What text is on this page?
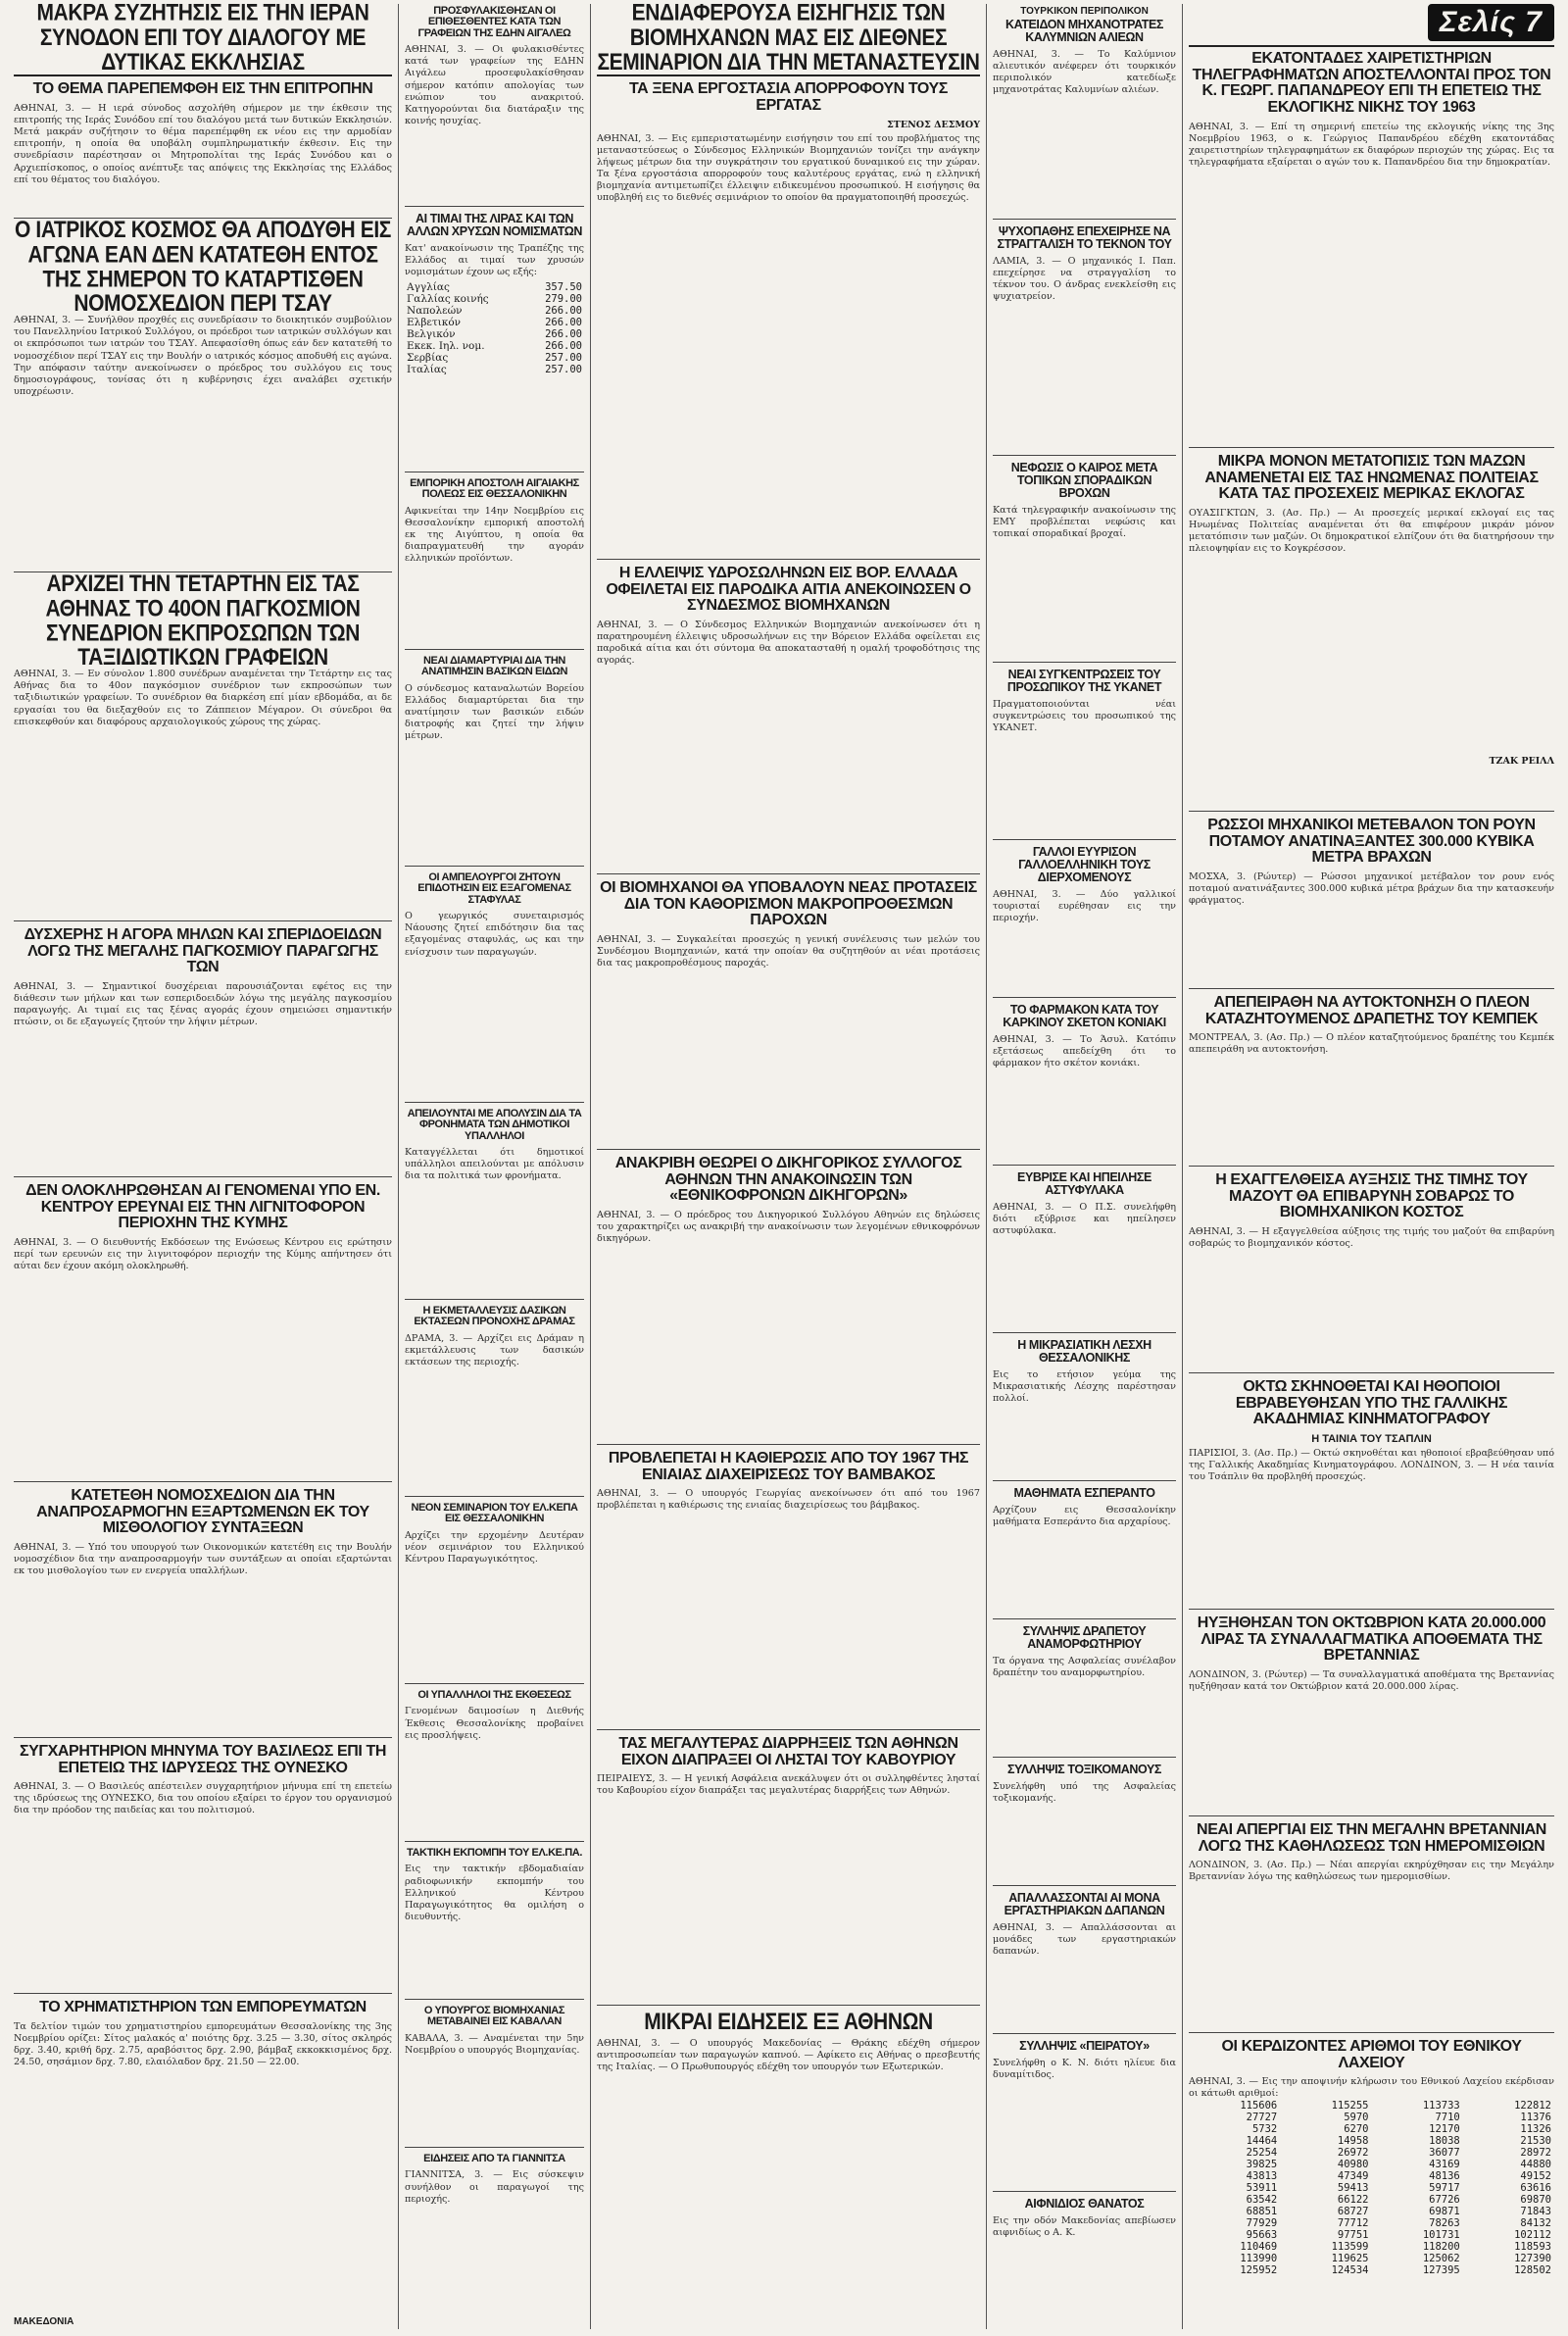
ΜΑΚΡΑ ΣΥΖΗΤΗΣΙΣ ΕΙΣ ΤΗΝ ΙΕΡΑΝ ΣΥΝΟΔΟΝ ΕΠΙ ΤΟΥ ΔΙΑΛΟΓΟΥ ΜΕ ΔΥΤΙΚΑΣ ΕΚΚΛΗΣΙΑΣ
ΤΟ ΘΕΜΑ ΠΑΡΕΠΕΜΦΘΗ ΕΙΣ ΤΗΝ ΕΠΙΤΡΟΠΗΝ
ΑΘΗΝΑΙ, 3. — Η ιερά σύνοδος ασχολήθη σήμερον με την έκθεσιν της επιτροπής της Ιεράς Συνόδου επί του διαλόγου μετά των δυτικών Εκκλησιών. Μετά μακράν συζήτησιν το θέμα παρεπέμφθη εκ νέου εις την αρμοδίαν επιτροπήν, η οποία θα υποβάλη συμπληρωματικήν έκθεσιν. Εις την συνεδρίασιν παρέστησαν οι Μητροπολίται της Ιεράς Συνόδου και ο Αρχιεπίσκοπος, ο οποίος ανέπτυξε τας απόψεις της Εκκλησίας της Ελλάδος επί του θέματος του διαλόγου.
Ο ΙΑΤΡΙΚΟΣ ΚΟΣΜΟΣ ΘΑ ΑΠΟΔΥΘΗ ΕΙΣ ΑΓΩΝΑ ΕΑΝ ΔΕΝ ΚΑΤΑΤΕΘΗ ΕΝΤΟΣ ΤΗΣ ΣΗΜΕΡΟΝ ΤΟ ΚΑΤΑΡΤΙΣΘΕΝ ΝΟΜΟΣΧΕΔΙΟΝ ΠΕΡΙ ΤΣΑΥ
ΑΘΗΝΑΙ, 3. — Συνήλθον προχθές εις συνεδρίασιν το διοικητικόν συμβούλιον του Πανελληνίου Ιατρικού Συλλόγου, οι πρόεδροι των ιατρικών συλλόγων και οι εκπρόσωποι των ιατρών του ΤΣΑΥ. Απεφασίσθη όπως εάν δεν κατατεθή το νομοσχέδιον περί ΤΣΑΥ εις την Βουλήν ο ιατρικός κόσμος αποδυθή εις αγώνα. Την απόφασιν ταύτην ανεκοίνωσεν ο πρόεδρος του συλλόγου εις τους δημοσιογράφους, τονίσας ότι η κυβέρνησις έχει αναλάβει σχετικήν υποχρέωσιν.
ΑΡΧΙΖΕΙ ΤΗΝ ΤΕΤΑΡΤΗΝ ΕΙΣ ΤΑΣ ΑΘΗΝΑΣ ΤΟ 40ΟΝ ΠΑΓΚΟΣΜΙΟΝ ΣΥΝΕΔΡΙΟΝ ΕΚΠΡΟΣΩΠΩΝ ΤΩΝ ΤΑΞΙΔΙΩΤΙΚΩΝ ΓΡΑΦΕΙΩΝ
ΑΘΗΝΑΙ, 3. — Εν σύνολον 1.800 συνέδρων αναμένεται την Τετάρτην εις τας Αθήνας δια το 40ον παγκόσμιον συνέδριον των εκπροσώπων των ταξιδιωτικών γραφείων. Το συνέδριον θα διαρκέση επί μίαν εβδομάδα, αι δε εργασίαι του θα διεξαχθούν εις το Ζάππειον Μέγαρον. Οι σύνεδροι θα επισκεφθούν και διαφόρους αρχαιολογικούς χώρους της χώρας.
ΔΥΣΧΕΡΗΣ Η ΑΓΟΡΑ ΜΗΛΩΝ ΚΑΙ ΣΠΕΡΙΔΟΕΙΔΩΝ ΛΟΓΩ ΤΗΣ ΜΕΓΑΛΗΣ ΠΑΓΚΟΣΜΙΟΥ ΠΑΡΑΓΩΓΗΣ ΤΩΝ
ΑΘΗΝΑΙ, 3. — Σημαντικοί δυσχέρειαι παρουσιάζονται εφέτος εις την διάθεσιν των μήλων και των εσπεριδοειδών λόγω της μεγάλης παγκοσμίου παραγωγής. Αι τιμαί εις τας ξένας αγοράς έχουν σημειώσει σημαντικήν πτώσιν, οι δε εξαγωγείς ζητούν την λήψιν μέτρων.
ΔΕΝ ΟΛΟΚΛΗΡΩΘΗΣΑΝ ΑΙ ΓΕΝΟΜΕΝΑΙ ΥΠΟ ΕΝ. ΚΕΝΤΡΟΥ ΕΡΕΥΝΑΙ ΕΙΣ ΤΗΝ ΛΙΓΝΙΤΟΦΟΡΟΝ ΠΕΡΙΟΧΗΝ ΤΗΣ ΚΥΜΗΣ
ΑΘΗΝΑΙ, 3. — Ο διευθυντής Εκδόσεων της Ενώσεως Κέντρου εις ερώτησιν περί των ερευνών εις την λιγνιτοφόρον περιοχήν της Κύμης απήντησεν ότι αύται δεν έχουν ακόμη ολοκληρωθή.
ΚΑΤΕΤΕΘΗ ΝΟΜΟΣΧΕΔΙΟΝ ΔΙΑ ΤΗΝ ΑΝΑΠΡΟΣΑΡΜΟΓΗΝ ΕΞΑΡΤΩΜΕΝΩΝ ΕΚ ΤΟΥ ΜΙΣΘΟΛΟΓΙΟΥ ΣΥΝΤΑΞΕΩΝ
ΑΘΗΝΑΙ, 3. — Υπό του υπουργού των Οικονομικών κατετέθη εις την Βουλήν νομοσχέδιον δια την αναπροσαρμογήν των συντάξεων αι οποίαι εξαρτώνται εκ του μισθολογίου των εν ενεργεία υπαλλήλων.
ΣΥΓΧΑΡΗΤΗΡΙΟΝ ΜΗΝΥΜΑ ΤΟΥ ΒΑΣΙΛΕΩΣ ΕΠΙ ΤΗ ΕΠΕΤΕΙΩ ΤΗΣ ΙΔΡΥΣΕΩΣ ΤΗΣ ΟΥΝΕΣΚΟ
ΑΘΗΝΑΙ, 3. — Ο Βασιλεύς απέστειλεν συγχαρητήριον μήνυμα επί τη επετείω της ιδρύσεως της ΟΥΝΕΣΚΟ, δια του οποίου εξαίρει το έργον του οργανισμού δια την πρόοδον της παιδείας και του πολιτισμού.
ΤΟ ΧΡΗΜΑΤΙΣΤΗΡΙΟΝ ΤΩΝ ΕΜΠΟΡΕΥΜΑΤΩΝ
Τα δελτίον τιμών του χρηματιστηρίου εμπορευμάτων Θεσσαλονίκης της 3ης Νοεμβρίου ορίζει: Σίτος μαλακός α' ποιότης δρχ. 3.25 — 3.30, σίτος σκληρός δρχ. 3.40, κριθή δρχ. 2.75, αραβόσιτος δρχ. 2.90, βάμβαξ εκκοκκισμένος δρχ. 24.50, σησάμιον δρχ. 7.80, ελαιόλαδον δρχ. 21.50 — 22.00.
ΠΡΟΣΦΥΛΑΚΙΣΘΗΣΑΝ ΟΙ ΕΠΙΘΕΣΘΕΝΤΕΣ ΚΑΤΑ ΤΩΝ ΓΡΑΦΕΙΩΝ ΤΗΣ ΕΔΗΝ ΑΙΓΑΛΕΩ
ΑΘΗΝΑΙ, 3. — Οι φυλακισθέντες κατά των γραφείων της ΕΔΗΝ Αιγάλεω προσεφυλακίσθησαν σήμερον κατόπιν απολογίας των ενώπιον του ανακριτού. Κατηγορούνται δια διατάραξιν της κοινής ησυχίας.
ΑΙ ΤΙΜΑΙ ΤΗΣ ΛΙΡΑΣ ΚΑΙ ΤΩΝ ΑΛΛΩΝ ΧΡΥΣΩΝ ΝΟΜΙΣΜΑΤΩΝ
Κατ' ανακοίνωσιν της Τραπέζης της Ελλάδος αι τιμαί των χρυσών νομισμάτων έχουν ως εξής:
Αγγλίας	357.50
Γαλλίας κοινής	279.00
Ναπολεών	266.00
Ελβετικόν	266.00
Βελγικόν	266.00
Εκεκ. Ιηλ. νομ.	266.00
Σερβίας	257.00
Ιταλίας	257.00
ΕΜΠΟΡΙΚΗ ΑΠΟΣΤΟΛΗ ΑΙΓΑΙΑΚΗΣ ΠΟΛΕΩΣ ΕΙΣ ΘΕΣΣΑΛΟΝΙΚΗΝ
Αφικνείται την 14ην Νοεμβρίου εις Θεσσαλονίκην εμπορική αποστολή εκ της Αιγύπτου, η οποία θα διαπραγματευθή την αγοράν ελληνικών προϊόντων.
ΝΕΑΙ ΔΙΑΜΑΡΤΥΡΙΑΙ ΔΙΑ ΤΗΝ ΑΝΑΤΙΜΗΣΙΝ ΒΑΣΙΚΩΝ ΕΙΔΩΝ
Ο σύνδεσμος καταναλωτών Βορείου Ελλάδος διαμαρτύρεται δια την ανατίμησιν των βασικών ειδών διατροφής και ζητεί την λήψιν μέτρων.
ΟΙ ΑΜΠΕΛΟΥΡΓΟΙ ΖΗΤΟΥΝ ΕΠΙΔΟΤΗΣΙΝ ΕΙΣ ΕΞΑΓΟΜΕΝΑΣ ΣΤΑΦΥΛΑΣ
Ο γεωργικός συνεταιρισμός Νάουσης ζητεί επιδότησιν δια τας εξαγομένας σταφυλάς, ως και την ενίσχυσιν των παραγωγών.
ΑΠΕΙΛΟΥΝΤΑΙ ΜΕ ΑΠΟΛΥΣΙΝ ΔΙΑ ΤΑ ΦΡΟΝΗΜΑΤΑ ΤΩΝ ΔΗΜΟΤΙΚΟΙ ΥΠΑΛΛΗΛΟΙ
Καταγγέλλεται ότι δημοτικοί υπάλληλοι απειλούνται με απόλυσιν δια τα πολιτικά των φρονήματα.
Η ΕΚΜΕΤΑΛΛΕΥΣΙΣ ΔΑΣΙΚΩΝ ΕΚΤΑΣΕΩΝ ΠΡΟΝΟΧΗΣ ΔΡΑΜΑΣ
ΔΡΑΜΑ, 3. — Αρχίζει εις Δράμαν η εκμετάλλευσις των δασικών εκτάσεων της περιοχής.
ΝΕΟΝ ΣΕΜΙΝΑΡΙΟΝ ΤΟΥ ΕΛ.ΚΕΠΑ ΕΙΣ ΘΕΣΣΑΛΟΝΙΚΗΝ
Αρχίζει την ερχομένην Δευτέραν νέον σεμινάριον του Ελληνικού Κέντρου Παραγωγικότητος.
ΟΙ ΥΠΑΛΛΗΛΟΙ ΤΗΣ ΕΚΘΕΣΕΩΣ
Γενομένων δαιμοσίων η Διεθνής Έκθεσις Θεσσαλονίκης προβαίνει εις προσλήψεις.
ΤΑΚΤΙΚΗ ΕΚΠΟΜΠΗ ΤΟΥ ΕΛ.ΚΕ.ΠΑ.
Εις την τακτικήν εβδομαδιαίαν ραδιοφωνικήν εκπομπήν του Ελληνικού Κέντρου Παραγωγικότητος θα ομιλήση ο διευθυντής.
Ο ΥΠΟΥΡΓΟΣ ΒΙΟΜΗΧΑΝΙΑΣ ΜΕΤΑΒΑΙΝΕΙ ΕΙΣ ΚΑΒΑΛΑΝ
ΚΑΒΑΛΑ, 3. — Αναμένεται την 5ην Νοεμβρίου ο υπουργός Βιομηχανίας.
ΕΙΔΗΣΕΙΣ ΑΠΟ ΤΑ ΓΙΑΝΝΙΤΣΑ
ΓΙΑΝΝΙΤΣΑ, 3. — Εις σύσκεψιν συνήλθον οι παραγωγοί της περιοχής.
ΕΝΔΙΑΦΕΡΟΥΣΑ ΕΙΣΗΓΗΣΙΣ ΤΩΝ ΒΙΟΜΗΧΑΝΩΝ ΜΑΣ ΕΙΣ ΔΙΕΘΝΕΣ ΣΕΜΙΝΑΡΙΟΝ ΔΙΑ ΤΗΝ ΜΕΤΑΝΑΣΤΕΥΣΙΝ
ΤΑ ΞΕΝΑ ΕΡΓΟΣΤΑΣΙΑ ΑΠΟΡΡΟΦΟΥΝ ΤΟΥΣ ΕΡΓΑΤΑΣ
ΣΤΕΝΟΣ ΔΕΣΜΟΥ
ΑΘΗΝΑΙ, 3. — Εις εμπεριστατωμένην εισήγησιν του επί του προβλήματος της μεταναστεύσεως ο Σύνδεσμος Ελληνικών Βιομηχανιών τονίζει την ανάγκην λήψεως μέτρων δια την συγκράτησιν του εργατικού δυναμικού εις την χώραν. Τα ξένα εργοστάσια απορροφούν τους καλυτέρους εργάτας, ενώ η ελληνική βιομηχανία αντιμετωπίζει έλλειψιν ειδικευμένου προσωπικού. Η εισήγησις θα υποβληθή εις το διεθνές σεμινάριον το οποίον θα πραγματοποιηθή προσεχώς.
Η ΕΛΛΕΙΨΙΣ ΥΔΡΟΣΩΛΗΝΩΝ ΕΙΣ ΒΟΡ. ΕΛΛΑΔΑ ΟΦΕΙΛΕΤΑΙ ΕΙΣ ΠΑΡΟΔΙΚΑ ΑΙΤΙΑ ΑΝΕΚΟΙΝΩΣΕΝ Ο ΣΥΝΔΕΣΜΟΣ ΒΙΟΜΗΧΑΝΩΝ
ΑΘΗΝΑΙ, 3. — Ο Σύνδεσμος Ελληνικών Βιομηχανιών ανεκοίνωσεν ότι η παρατηρουμένη έλλειψις υδροσωλήνων εις την Βόρειον Ελλάδα οφείλεται εις παροδικά αίτια και ότι σύντομα θα αποκατασταθή η ομαλή τροφοδότησις της αγοράς.
ΟΙ ΒΙΟΜΗΧΑΝΟΙ ΘΑ ΥΠΟΒΑΛΟΥΝ ΝΕΑΣ ΠΡΟΤΑΣΕΙΣ ΔΙΑ ΤΟΝ ΚΑΘΟΡΙΣΜΟΝ ΜΑΚΡΟΠΡΟΘΕΣΜΩΝ ΠΑΡΟΧΩΝ
ΑΘΗΝΑΙ, 3. — Συγκαλείται προσεχώς η γενική συνέλευσις των μελών του Συνδέσμου Βιομηχανιών, κατά την οποίαν θα συζητηθούν αι νέαι προτάσεις δια τας μακροπροθέσμους παροχάς.
ΑΝΑΚΡΙΒΗ ΘΕΩΡΕΙ Ο ΔΙΚΗΓΟΡΙΚΟΣ ΣΥΛΛΟΓΟΣ ΑΘΗΝΩΝ ΤΗΝ ΑΝΑΚΟΙΝΩΣΙΝ ΤΩΝ «ΕΘΝΙΚΟΦΡΟΝΩΝ ΔΙΚΗΓΟΡΩΝ»
ΑΘΗΝΑΙ, 3. — Ο πρόεδρος του Δικηγορικού Συλλόγου Αθηνών εις δηλώσεις του χαρακτηρίζει ως ανακριβή την ανακοίνωσιν των λεγομένων εθνικοφρόνων δικηγόρων.
ΠΡΟΒΛΕΠΕΤΑΙ Η ΚΑΘΙΕΡΩΣΙΣ ΑΠΟ ΤΟΥ 1967 ΤΗΣ ΕΝΙΑΙΑΣ ΔΙΑΧΕΙΡΙΣΕΩΣ ΤΟΥ ΒΑΜΒΑΚΟΣ
ΑΘΗΝΑΙ, 3. — Ο υπουργός Γεωργίας ανεκοίνωσεν ότι από του 1967 προβλέπεται η καθιέρωσις της ενιαίας διαχειρίσεως του βάμβακος.
ΤΑΣ ΜΕΓΑΛΥΤΕΡΑΣ ΔΙΑΡΡΗΞΕΙΣ ΤΩΝ ΑΘΗΝΩΝ ΕΙΧΟΝ ΔΙΑΠΡΑΞΕΙ ΟΙ ΛΗΣΤΑΙ ΤΟΥ ΚΑΒΟΥΡΙΟΥ
ΠΕΙΡΑΙΕΥΣ, 3. — Η γενική Ασφάλεια ανεκάλυψεν ότι οι συλληφθέντες λησταί του Καβουρίου είχον διαπράξει τας μεγαλυτέρας διαρρήξεις των Αθηνών.
ΜΙΚΡΑΙ ΕΙΔΗΣΕΙΣ ΕΞ ΑΘΗΝΩΝ
ΑΘΗΝΑΙ, 3. — Ο υπουργός Μακεδονίας — Θράκης εδέχθη σήμερον αντιπροσωπείαν των παραγωγών καπνού. — Αφίκετο εις Αθήνας ο πρεσβευτής της Ιταλίας. — Ο Πρωθυπουργός εδέχθη τον υπουργόν των Εξωτερικών.
ΤΟΥΡΚΙΚΟΝ ΠΕΡΙΠΟΛΙΚΟΝ
ΚΑΤΕΙΔΟΝ ΜΗΧΑΝΟΤΡΑΤΕΣ ΚΑΛΥΜΝΙΩΝ ΑΛΙΕΩΝ
ΑΘΗΝΑΙ, 3. — Το Καλύμνιον αλιευτικόν ανέφερεν ότι τουρκικόν περιπολικόν κατεδίωξε μηχανοτράτας Καλυμνίων αλιέων.
ΨΥΧΟΠΑΘΗΣ ΕΠΕΧΕΙΡΗΣΕ ΝΑ ΣΤΡΑΓΓΑΛΙΣΗ ΤΟ ΤΕΚΝΟΝ ΤΟΥ
ΛΑΜΙΑ, 3. — Ο μηχανικός Ι. Παπ. επεχείρησε να στραγγαλίση το τέκνον του. Ο άνδρας ενεκλείσθη εις ψυχιατρείον.
ΝΕΦΩΣΙΣ Ο ΚΑΙΡΟΣ ΜΕΤΑ ΤΟΠΙΚΩΝ ΣΠΟΡΑΔΙΚΩΝ ΒΡΟΧΩΝ
Κατά τηλεγραφικήν ανακοίνωσιν της ΕΜΥ προβλέπεται νεφώσις και τοπικαί σποραδικαί βροχαί.
ΝΕΑΙ ΣΥΓΚΕΝΤΡΩΣΕΙΣ ΤΟΥ ΠΡΟΣΩΠΙΚΟΥ ΤΗΣ ΥΚΑΝΕΤ
Πραγματοποιούνται νέαι συγκεντρώσεις του προσωπικού της ΥΚΑΝΕΤ.
ΓΑΛΛΟΙ ΕΥΥΡΙΣΟΝ ΓΑΛΛΟΕΛΛΗΝΙΚΗ ΤΟΥΣ ΔΙΕΡΧΟΜΕΝΟΥΣ
ΑΘΗΝΑΙ, 3. — Δύο γαλλικοί τουρισταί ευρέθησαν εις την περιοχήν.
ΤΟ ΦΑΡΜΑΚΟΝ ΚΑΤΑ ΤΟΥ ΚΑΡΚΙΝΟΥ ΣΚΕΤΟΝ ΚΟΝΙΑΚΙ
ΑΘΗΝΑΙ, 3. — Το Άσυλ. Κατόπιν εξετάσεως απεδείχθη ότι το φάρμακον ήτο σκέτον κονιάκι.
ΕΥΒΡΙΣΕ ΚΑΙ ΗΠΕΙΛΗΣΕ ΑΣΤΥΦΥΛΑΚΑ
ΑΘΗΝΑΙ, 3. — Ο Π.Σ. συνελήφθη διότι εξύβρισε και ηπείλησεν αστυφύλακα.
Η ΜΙΚΡΑΣΙΑΤΙΚΗ ΛΕΣΧΗ ΘΕΣΣΑΛΟΝΙΚΗΣ
Εις το ετήσιον γεύμα της Μικρασιατικής Λέσχης παρέστησαν πολλοί.
ΜΑΘΗΜΑΤΑ ΕΣΠΕΡΑΝΤΟ
Αρχίζουν εις Θεσσαλονίκην μαθήματα Εσπεράντο δια αρχαρίους.
ΣΥΛΛΗΨΙΣ ΔΡΑΠΕΤΟΥ ΑΝΑΜΟΡΦΩΤΗΡΙΟΥ
Τα όργανα της Ασφαλείας συνέλαβον δραπέτην του αναμορφωτηρίου.
ΣΥΛΛΗΨΙΣ ΤΟΞΙΚΟΜΑΝΟΥΣ
Συνελήφθη υπό της Ασφαλείας τοξικομανής.
ΑΠΑΛΛΑΣΣΟΝΤΑΙ ΑΙ ΜΟΝΑ ΕΡΓΑΣΤΗΡΙΑΚΩΝ ΔΑΠΑΝΩΝ
ΑΘΗΝΑΙ, 3. — Απαλλάσσονται αι μονάδες των εργαστηριακών δαπανών.
ΣΥΛΛΗΨΙΣ «ΠΕΙΡΑΤΟΥ»
Συνελήφθη ο Κ. Ν. διότι ηλίευε δια δυναμίτιδος.
ΑΙΦΝΙΔΙΟΣ ΘΑΝΑΤΟΣ
Εις την οδόν Μακεδονίας απεβίωσεν αιφνιδίως ο Α. Κ.

Σελίς 7
ΕΚΑΤΟΝΤΑΔΕΣ ΧΑΙΡΕΤΙΣΤΗΡΙΩΝ ΤΗΛΕΓΡΑΦΗΜΑΤΩΝ ΑΠΟΣΤΕΛΛΟΝΤΑΙ ΠΡΟΣ ΤΟΝ Κ. ΓΕΩΡΓ. ΠΑΠΑΝΔΡΕΟΥ ΕΠΙ ΤΗ ΕΠΕΤΕΙΩ ΤΗΣ ΕΚΛΟΓΙΚΗΣ ΝΙΚΗΣ ΤΟΥ 1963
ΑΘΗΝΑΙ, 3. — Επί τη σημερινή επετείω της εκλογικής νίκης της 3ης Νοεμβρίου 1963, ο κ. Γεώργιος Παπανδρέου εδέχθη εκατοντάδας χαιρετιστηρίων τηλεγραφημάτων εκ διαφόρων περιοχών της χώρας. Εις τα τηλεγραφήματα εξαίρεται ο αγών του κ. Παπανδρέου δια την δημοκρατίαν.
ΜΙΚΡΑ ΜΟΝΟΝ ΜΕΤΑΤΟΠΙΣΙΣ ΤΩΝ ΜΑΖΩΝ ΑΝΑΜΕΝΕΤΑΙ ΕΙΣ ΤΑΣ ΗΝΩΜΕΝΑΣ ΠΟΛΙΤΕΙΑΣ ΚΑΤΑ ΤΑΣ ΠΡΟΣΕΧΕΙΣ ΜΕΡΙΚΑΣ ΕΚΛΟΓΑΣ
ΟΥΑΣΙΓΚΤΩΝ, 3. (Ασ. Πρ.) — Αι προσεχείς μερικαί εκλογαί εις τας Ηνωμένας Πολιτείας αναμένεται ότι θα επιφέρουν μικράν μόνον μετατόπισιν των μαζών. Οι δημοκρατικοί ελπίζουν ότι θα διατηρήσουν την πλειοψηφίαν εις το Κογκρέσσον.
ΤΖΑΚ ΡΕΙΛΛ
ΡΩΣΣΟΙ ΜΗΧΑΝΙΚΟΙ ΜΕΤΕΒΑΛΟΝ ΤΟΝ ΡΟΥΝ ΠΟΤΑΜΟΥ ΑΝΑΤΙΝΑΞΑΝΤΕΣ 300.000 ΚΥΒΙΚΑ ΜΕΤΡΑ ΒΡΑΧΩΝ
ΜΟΣΧΑ, 3. (Ρώυτερ) — Ρώσσοι μηχανικοί μετέβαλον τον ρουν ενός ποταμού ανατινάξαντες 300.000 κυβικά μέτρα βράχων δια την κατασκευήν φράγματος.
ΑΠΕΠΕΙΡΑΘΗ ΝΑ ΑΥΤΟΚΤΟΝΗΣΗ Ο ΠΛΕΟΝ ΚΑΤΑΖΗΤΟΥΜΕΝΟΣ ΔΡΑΠΕΤΗΣ ΤΟΥ ΚΕΜΠΕΚ
ΜΟΝΤΡΕΑΛ, 3. (Ασ. Πρ.) — Ο πλέον καταζητούμενος δραπέτης του Κεμπέκ απεπειράθη να αυτοκτονήση.
Η ΕΧΑΓΓΕΛΘΕΙΣΑ ΑΥΞΗΣΙΣ ΤΗΣ ΤΙΜΗΣ ΤΟΥ ΜΑΖΟΥΤ ΘΑ ΕΠΙΒΑΡΥΝΗ ΣΟΒΑΡΩΣ ΤΟ ΒΙΟΜΗΧΑΝΙΚΟΝ ΚΟΣΤΟΣ
ΑΘΗΝΑΙ, 3. — Η εξαγγελθείσα αύξησις της τιμής του μαζούτ θα επιβαρύνη σοβαρώς το βιομηχανικόν κόστος.
ΟΚΤΩ ΣΚΗΝΟΘΕΤΑΙ ΚΑΙ ΗΘΟΠΟΙΟΙ ΕΒΡΑΒΕΥΘΗΣΑΝ ΥΠΟ ΤΗΣ ΓΑΛΛΙΚΗΣ ΑΚΑΔΗΜΙΑΣ ΚΙΝΗΜΑΤΟΓΡΑΦΟΥ
Η ΤΑΙΝΙΑ ΤΟΥ ΤΣΑΠΛΙΝ
ΠΑΡΙΣΙΟΙ, 3. (Ασ. Πρ.) — Οκτώ σκηνοθέται και ηθοποιοί εβραβεύθησαν υπό της Γαλλικής Ακαδημίας Κινηματογράφου. ΛΟΝΔΙΝΟΝ, 3. — Η νέα ταινία του Τσάπλιν θα προβληθή προσεχώς.
ΗΥΞΗΘΗΣΑΝ ΤΟΝ ΟΚΤΩΒΡΙΟΝ ΚΑΤΑ 20.000.000 ΛΙΡΑΣ ΤΑ ΣΥΝΑΛΛΑΓΜΑΤΙΚΑ ΑΠΟΘΕΜΑΤΑ ΤΗΣ ΒΡΕΤΑΝΝΙΑΣ
ΛΟΝΔΙΝΟΝ, 3. (Ρώυτερ) — Τα συναλλαγματικά αποθέματα της Βρεταννίας ηυξήθησαν κατά τον Οκτώβριον κατά 20.000.000 λίρας.
ΝΕΑΙ ΑΠΕΡΓΙΑΙ ΕΙΣ ΤΗΝ ΜΕΓΑΛΗΝ ΒΡΕΤΑΝΝΙΑΝ ΛΟΓΩ ΤΗΣ ΚΑΘΗΛΩΣΕΩΣ ΤΩΝ ΗΜΕΡΟΜΙΣΘΙΩΝ
ΛΟΝΔΙΝΟΝ, 3. (Ασ. Πρ.) — Νέαι απεργίαι εκηρύχθησαν εις την Μεγάλην Βρεταννίαν λόγω της καθηλώσεως των ημερομισθίων.
ΟΙ ΚΕΡΔΙΖΟΝΤΕΣ ΑΡΙΘΜΟΙ ΤΟΥ ΕΘΝΙΚΟΥ ΛΑΧΕΙΟΥ
ΑΘΗΝΑΙ, 3. — Εις την αποψινήν κλήρωσιν του Εθνικού Λαχείου εκέρδισαν οι κάτωθι αριθμοί:
115606	115255	113733	122812
27727	5970	7710	11376
5732	6270	12170	11326
14464	14958	18038	21530
25254	26972	36077	28972
39825	40980	43169	44880
43813	47349	48136	49152
53911	59413	59717	63616
63542	66122	67726	69870
68851	68727	69871	71843
77929	77712	78263	84132
95663	97751	101731	102112
110469	113599	118200	118593
113990	119625	125062	127390
125952	124534	127395	128502
ΜΑΚΕΔΟΝΙΑ
